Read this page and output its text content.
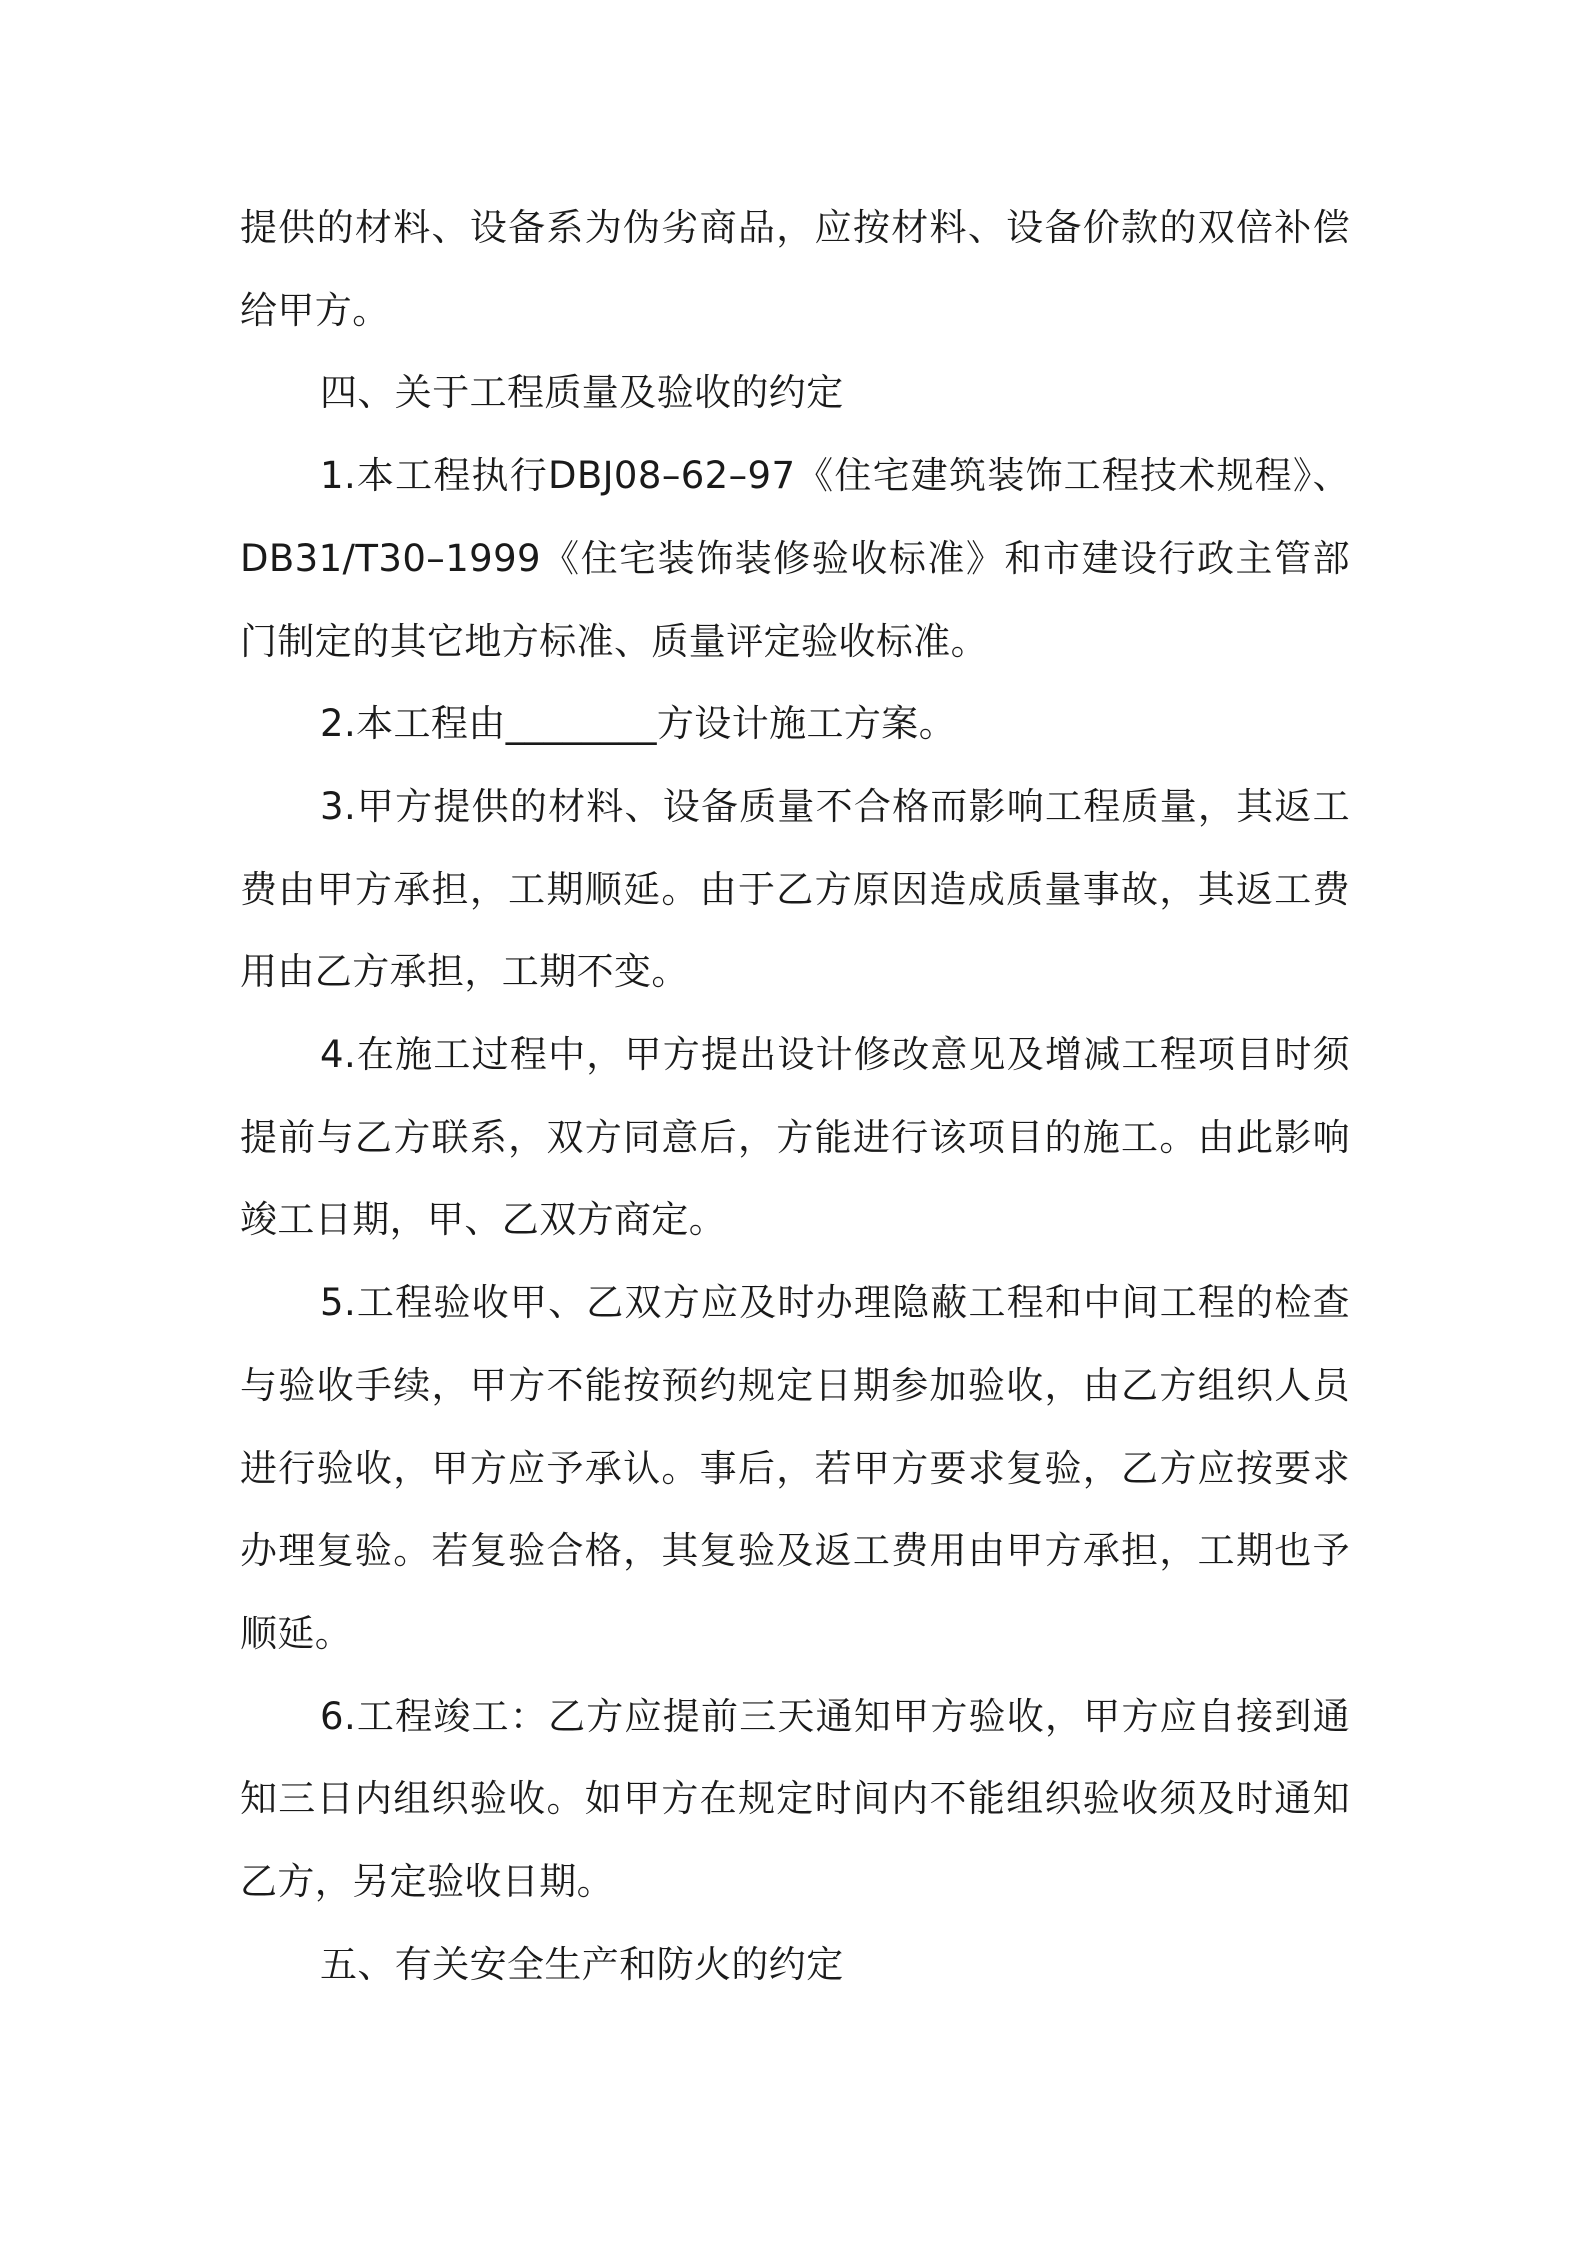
提供的材料、设备系为伪劣商品，应按材料、设备价款的双倍补偿给甲方。

四、关于工程质量及验收的约定

1.本工程执行DBJ08–62–97《住宅建筑装饰工程技术规程》、DB31/T30–1999《住宅装饰装修验收标准》和市建设行政主管部门制定的其它地方标准、质量评定验收标准。

2.本工程由________方设计施工方案。

3.甲方提供的材料、设备质量不合格而影响工程质量，其返工费由甲方承担，工期顺延。由于乙方原因造成质量事故，其返工费用由乙方承担，工期不变。

4.在施工过程中，甲方提出设计修改意见及增减工程项目时须提前与乙方联系，双方同意后，方能进行该项目的施工。由此影响竣工日期，甲、乙双方商定。

5.工程验收甲、乙双方应及时办理隐蔽工程和中间工程的检查与验收手续，甲方不能按预约规定日期参加验收，由乙方组织人员进行验收，甲方应予承认。事后，若甲方要求复验，乙方应按要求办理复验。若复验合格，其复验及返工费用由甲方承担，工期也予顺延。

6.工程竣工：乙方应提前三天通知甲方验收，甲方应自接到通知三日内组织验收。如甲方在规定时间内不能组织验收须及时通知乙方，另定验收日期。

五、有关安全生产和防火的约定
